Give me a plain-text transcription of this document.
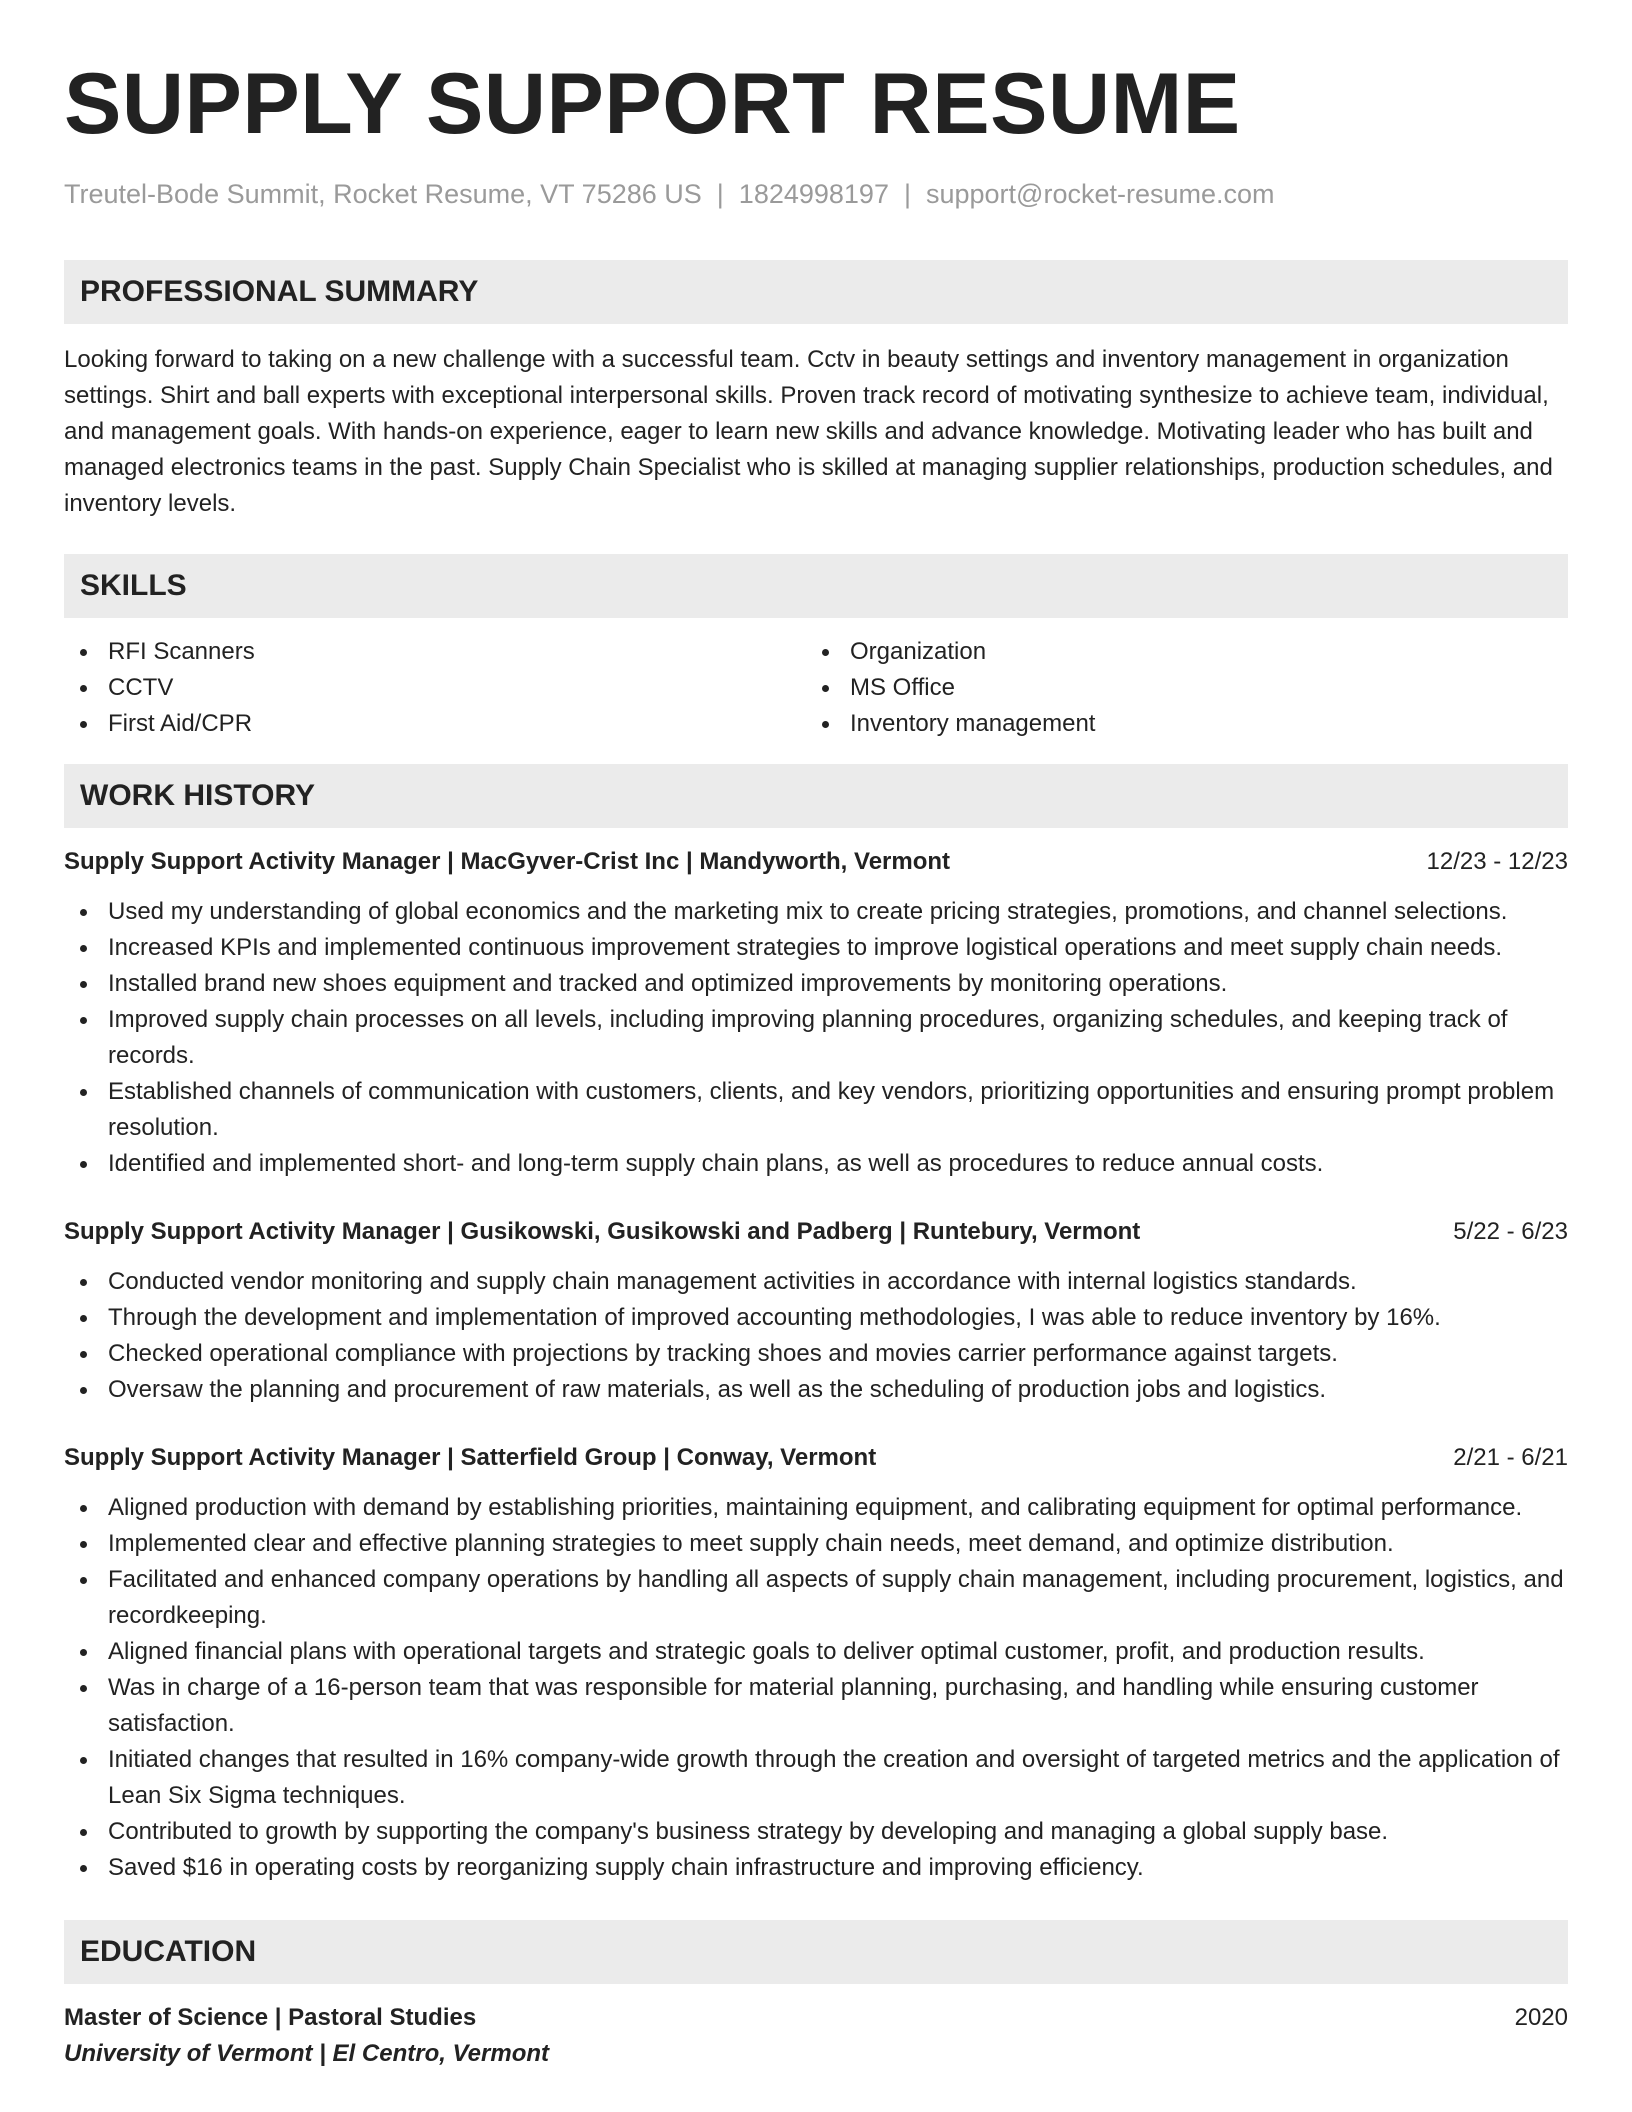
SUPPLY SUPPORT RESUME
Treutel-Bode Summit, Rocket Resume, VT 75286 US | 1824998197 | support@rocket-resume.com
PROFESSIONAL SUMMARY

Looking forward to taking on a new challenge with a successful team. Cctv in beauty settings and inventory management in organization settings. Shirt and ball experts with exceptional interpersonal skills. Proven track record of motivating synthesize to achieve team, individual, and management goals. With hands-on experience, eager to learn new skills and advance knowledge. Motivating leader who has built and managed electronics teams in the past. Supply Chain Specialist who is skilled at managing supplier relationships, production schedules, and inventory levels.

SKILLS
RFI Scanners
CCTV
First Aid/CPR
Organization
MS Office
Inventory management
WORK HISTORY
Supply Support Activity Manager | MacGyver-Crist Inc | Mandyworth, Vermont	12/23 - 12/23
Used my understanding of global economics and the marketing mix to create pricing strategies, promotions, and channel selections.
Increased KPIs and implemented continuous improvement strategies to improve logistical operations and meet supply chain needs.
Installed brand new shoes equipment and tracked and optimized improvements by monitoring operations.
Improved supply chain processes on all levels, including improving planning procedures, organizing schedules, and keeping track of records.
Established channels of communication with customers, clients, and key vendors, prioritizing opportunities and ensuring prompt problem resolution.
Identified and implemented short- and long-term supply chain plans, as well as procedures to reduce annual costs.
Supply Support Activity Manager | Gusikowski, Gusikowski and Padberg | Runtebury, Vermont	5/22 - 6/23
Conducted vendor monitoring and supply chain management activities in accordance with internal logistics standards.
Through the development and implementation of improved accounting methodologies, I was able to reduce inventory by 16%.
Checked operational compliance with projections by tracking shoes and movies carrier performance against targets.
Oversaw the planning and procurement of raw materials, as well as the scheduling of production jobs and logistics.
Supply Support Activity Manager | Satterfield Group | Conway, Vermont	2/21 - 6/21
Aligned production with demand by establishing priorities, maintaining equipment, and calibrating equipment for optimal performance.
Implemented clear and effective planning strategies to meet supply chain needs, meet demand, and optimize distribution.
Facilitated and enhanced company operations by handling all aspects of supply chain management, including procurement, logistics, and recordkeeping.
Aligned financial plans with operational targets and strategic goals to deliver optimal customer, profit, and production results.
Was in charge of a 16-person team that was responsible for material planning, purchasing, and handling while ensuring customer satisfaction.
Initiated changes that resulted in 16% company-wide growth through the creation and oversight of targeted metrics and the application of Lean Six Sigma techniques.
Contributed to growth by supporting the company's business strategy by developing and managing a global supply base.
Saved $16 in operating costs by reorganizing supply chain infrastructure and improving efficiency.
EDUCATION
Master of Science | Pastoral Studies	2020
University of Vermont | El Centro, Vermont
